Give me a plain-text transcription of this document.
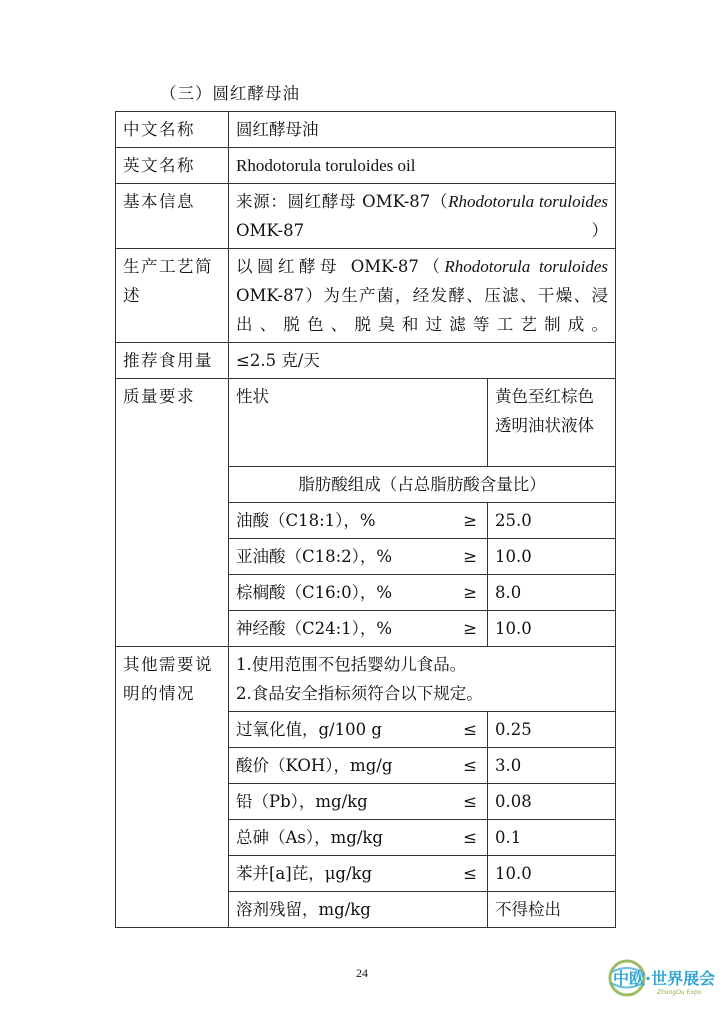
（三）圆红酵母油
中文名称	圆红酵母油	
英文名称	Rhodotorula toruloides oil	
基本信息	来源：圆红酵母 OMK-87（Rhodotorula toruloides OMK-87）	
生产工艺简述	以圆红酵母 OMK-87（Rhodotorula toruloides OMK-87）为生产菌，经发酵、压滤、干燥、浸出、脱色、脱臭和过滤等工艺制成。	
推荐食用量	≤2.5 克/天	
质量要求	性状	黄色至红棕色透明油状液体
	脂肪酸组成（占总脂肪酸含量比）	
	油酸（C18:1），% ≥	25.0
	亚油酸（C18:2），% ≥	10.0
	棕榈酸（C16:0），% ≥	8.0
	神经酸（C24:1），% ≥	10.0
其他需要说明的情况	1.使用范围不包括婴幼儿食品。
2.食品安全指标须符合以下规定。	

	过氧化值，g/100 g ≤	0.25
	酸价（KOH），mg/g ≤	3.0
	铅（Pb），mg/kg ≤	0.08
	总砷（As），mg/kg ≤	0.1
	苯并[a]芘，μg/kg ≤	10.0
	溶剂残留，mg/kg	不得检出
24	中欧·世界展会
ZhongOu Expo
